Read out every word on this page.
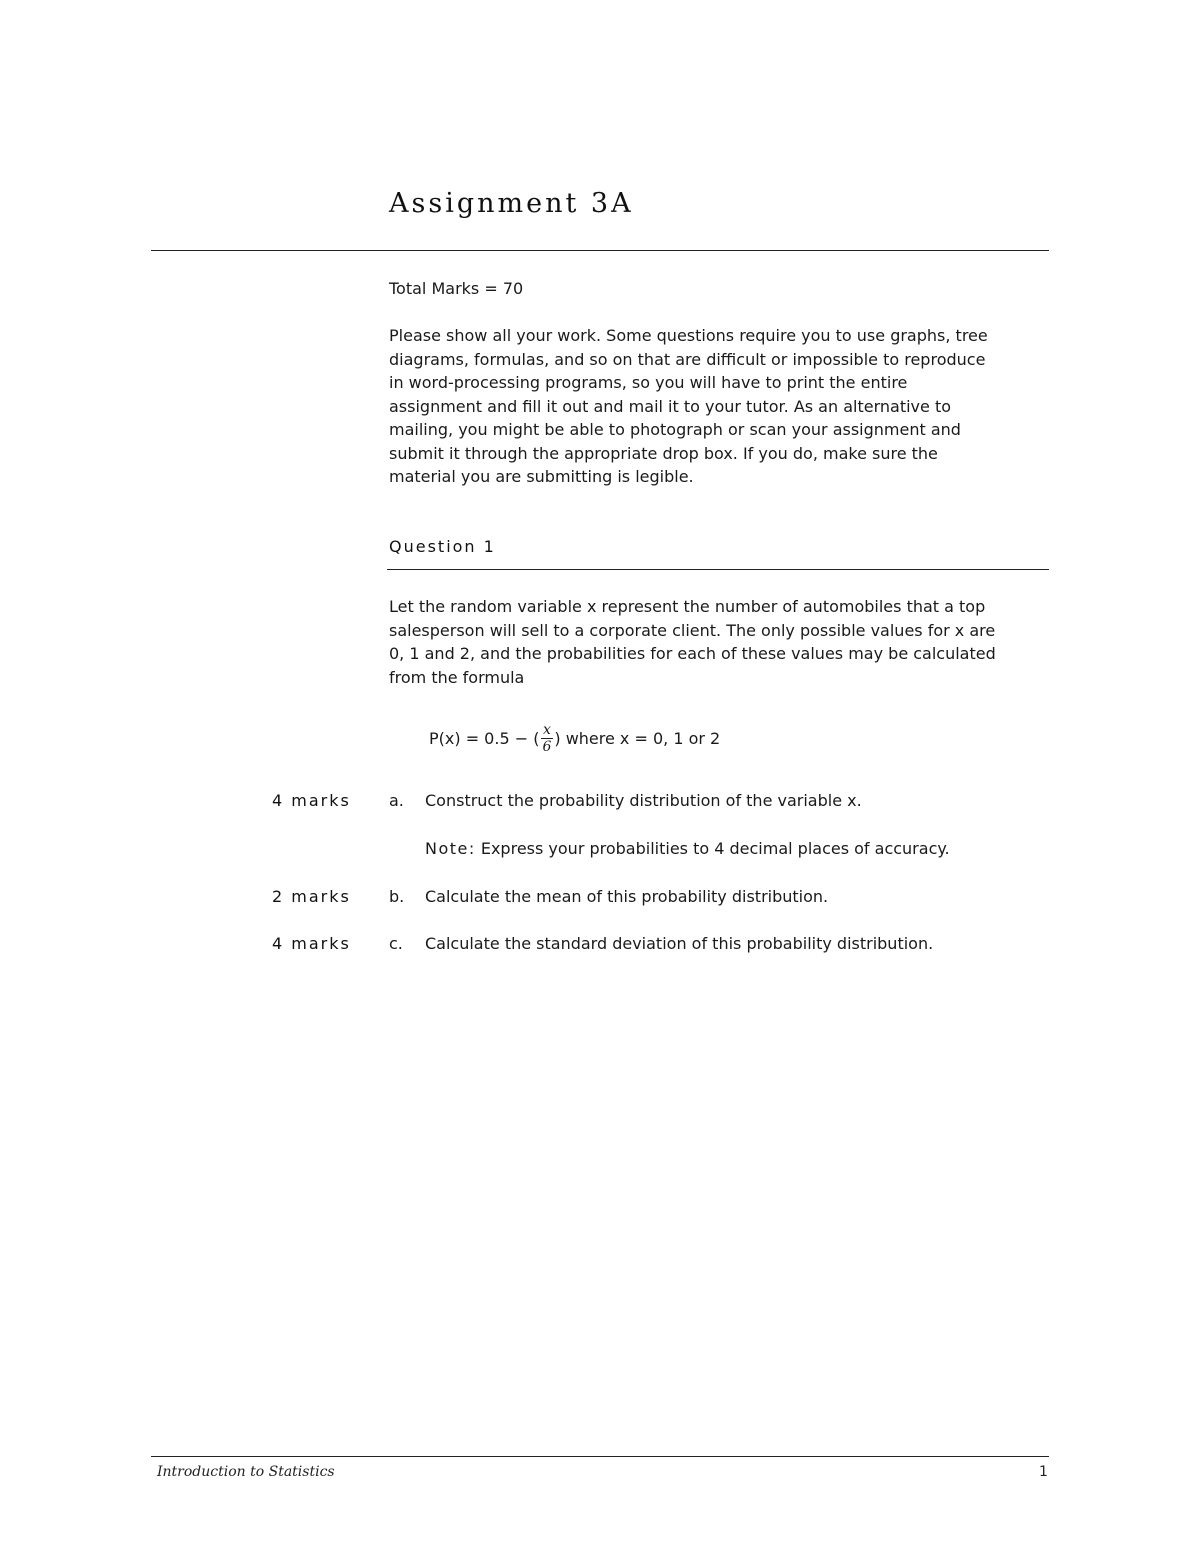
Assignment 3A
Total Marks = 70

Please show all your work. Some questions require you to use graphs, tree

diagrams, formulas, and so on that are difficult or impossible to reproduce

in word-processing programs, so you will have to print the entire

assignment and fill it out and mail it to your tutor. As an alternative to

mailing, you might be able to photograph or scan your assignment and

submit it through the appropriate drop box. If you do, make sure the

material you are submitting is legible.

Question 1
Let the random variable x represent the number of automobiles that a top
salesperson will sell to a corporate client. The only possible values for x are
0, 1 and 2, and the probabilities for each of these values may be calculated
from the formula
P(x) = 0.5 − ( $\frac{x}{6}$ ) where x = 0, 1 or 2
4 marks a. Construct the probability distribution of the variable x.
Note: Express your probabilities to 4 decimal places of accuracy.
2 marks b. Calculate the mean of this probability distribution.
4 marks c. Calculate the standard deviation of this probability distribution.
Introduction to Statistics	1
